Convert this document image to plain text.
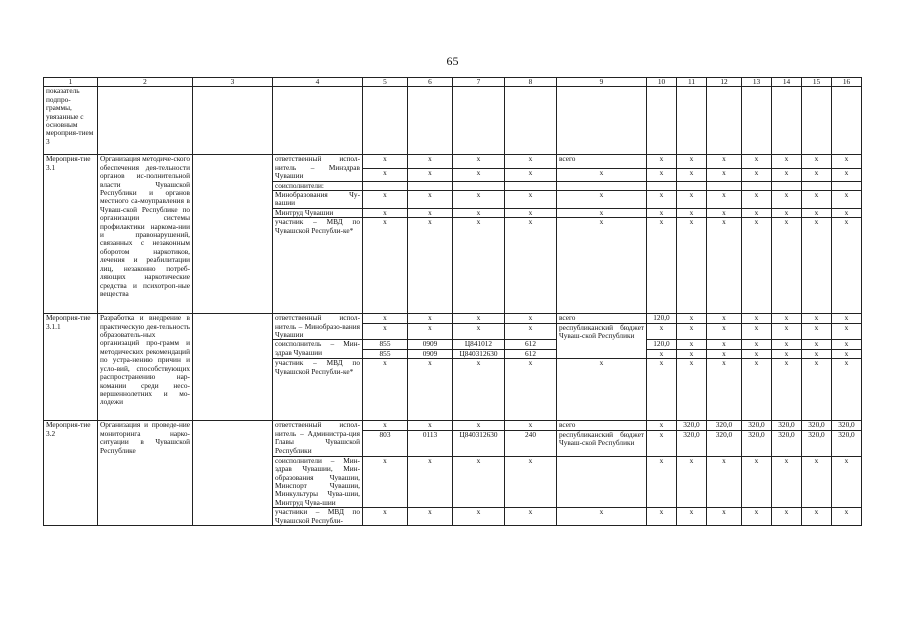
65
1	2	3	4	5	6	7	8	9	10	11	12	13	14	15	16
показатель подпро-граммы, увязанные с основным мероприя-тием 3															
Мероприя-тие 3.1	Организация методиче-ского обеспечения дея-тельности органов ис-полнительной власти Чувашской Республики и органов местного са-моуправления в Чуваш-ской Республике по организации системы профилактики наркома-нии и правонарушений, связанных с незаконным оборотом наркотиков, лечения и реабилитации лиц, незаконно потреб-ляющих наркотические средства и психотроп-ные вещества		ответственный испол-нитель – Минздрав Чувашии	x	x	x	x	всего	x	x	x	x	x	x	x
				x	x	x	x	x	x	x	x	x	x	x	x
			соисполнители:												
			Минобразования Чу-вашии	x	x	x	x	x	x	x	x	x	x	x	x
			Минтруд Чувашии	x	x	x	x	x	x	x	x	x	x	x	x
			участник – МВД по Чувашской Республи-ке*	x	x	x	x	x	x	x	x	x	x	x	x
Мероприя-тие 3.1.1	Разработка и внедрение в практическую дея-тельность образователь-ных организаций про-грамм и методических рекомендаций по устра-нению причин и усло-вий, способствующих распространению нар-комании среди несо-вершеннолетних и мо-лодежи		ответственный испол-нитель – Минобразо-вания Чувашии	x	x	x	x	всего	120,0	x	x	x	x	x	x
				x	x	x	x	республиканский бюджет Чуваш-ской Республики	x	x	x	x	x	x	x
			соисполнитель – Мин-здрав Чувашии	855	0909	Ц841012	612		120,0	x	x	x	x	x	x
				855	0909	Ц840312630	612		x	x	x	x	x	x	x
			участник – МВД по Чувашской Республи-ке*	x	x	x	x	x	x	x	x	x	x	x	x
Мероприя-тие 3.2	Организация и проведе-ние мониторинга нарко-ситуации в Чувашской Республике		ответственный испол-нитель – Администра-ция Главы Чувашской Республики	x	x	x	x	всего	x	320,0	320,0	320,0	320,0	320,0	320,0
				803	0113	Ц840312630	240	республиканский бюджет Чуваш-ской Республики	x	320,0	320,0	320,0	320,0	320,0	320,0
			соисполнители – Мин-здрав Чувашии, Мин-образования Чувашии, Минспорт Чувашии, Минкультуры Чува-шии, Минтруд Чува-шии	x	x	x	x		x	x	x	x	x	x	x
			участники – МВД по Чувашской Республи-	x	x	x	x	x	x	x	x	x	x	x	x
